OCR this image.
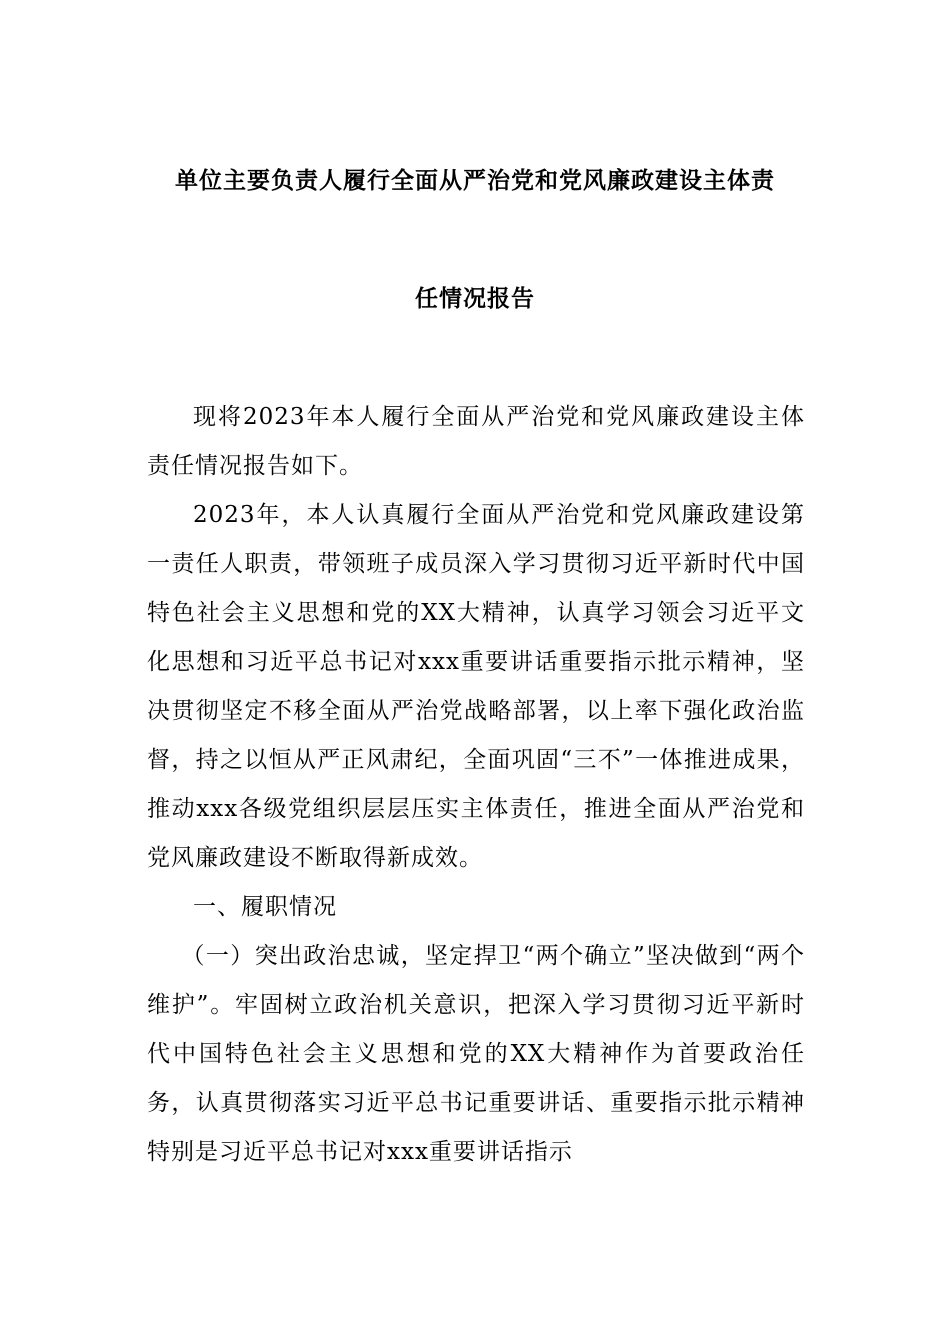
单位主要负责人履行全面从严治党和党风廉政建设主体责
任情况报告

现将2023年本人履行全面从严治党和党风廉政建设主体责任情况报告如下。

2023年，本人认真履行全面从严治党和党风廉政建设第一责任人职责，带领班子成员深入学习贯彻习近平新时代中国特色社会主义思想和党的XX大精神，认真学习领会习近平文化思想和习近平总书记对xxx重要讲话重要指示批示精神，坚决贯彻坚定不移全面从严治党战略部署，以上率下强化政治监督，持之以恒从严正风肃纪，全面巩固“三不”一体推进成果，推动xxx各级党组织层层压实主体责任，推进全面从严治党和党风廉政建设不断取得新成效。

一、履职情况

（一）突出政治忠诚，坚定捍卫“两个确立”坚决做到“两个维护”。牢固树立政治机关意识，把深入学习贯彻习近平新时代中国特色社会主义思想和党的XX大精神作为首要政治任务，认真贯彻落实习近平总书记重要讲话、重要指示批示精神特别是习近平总书记对xxx重要讲话指示
